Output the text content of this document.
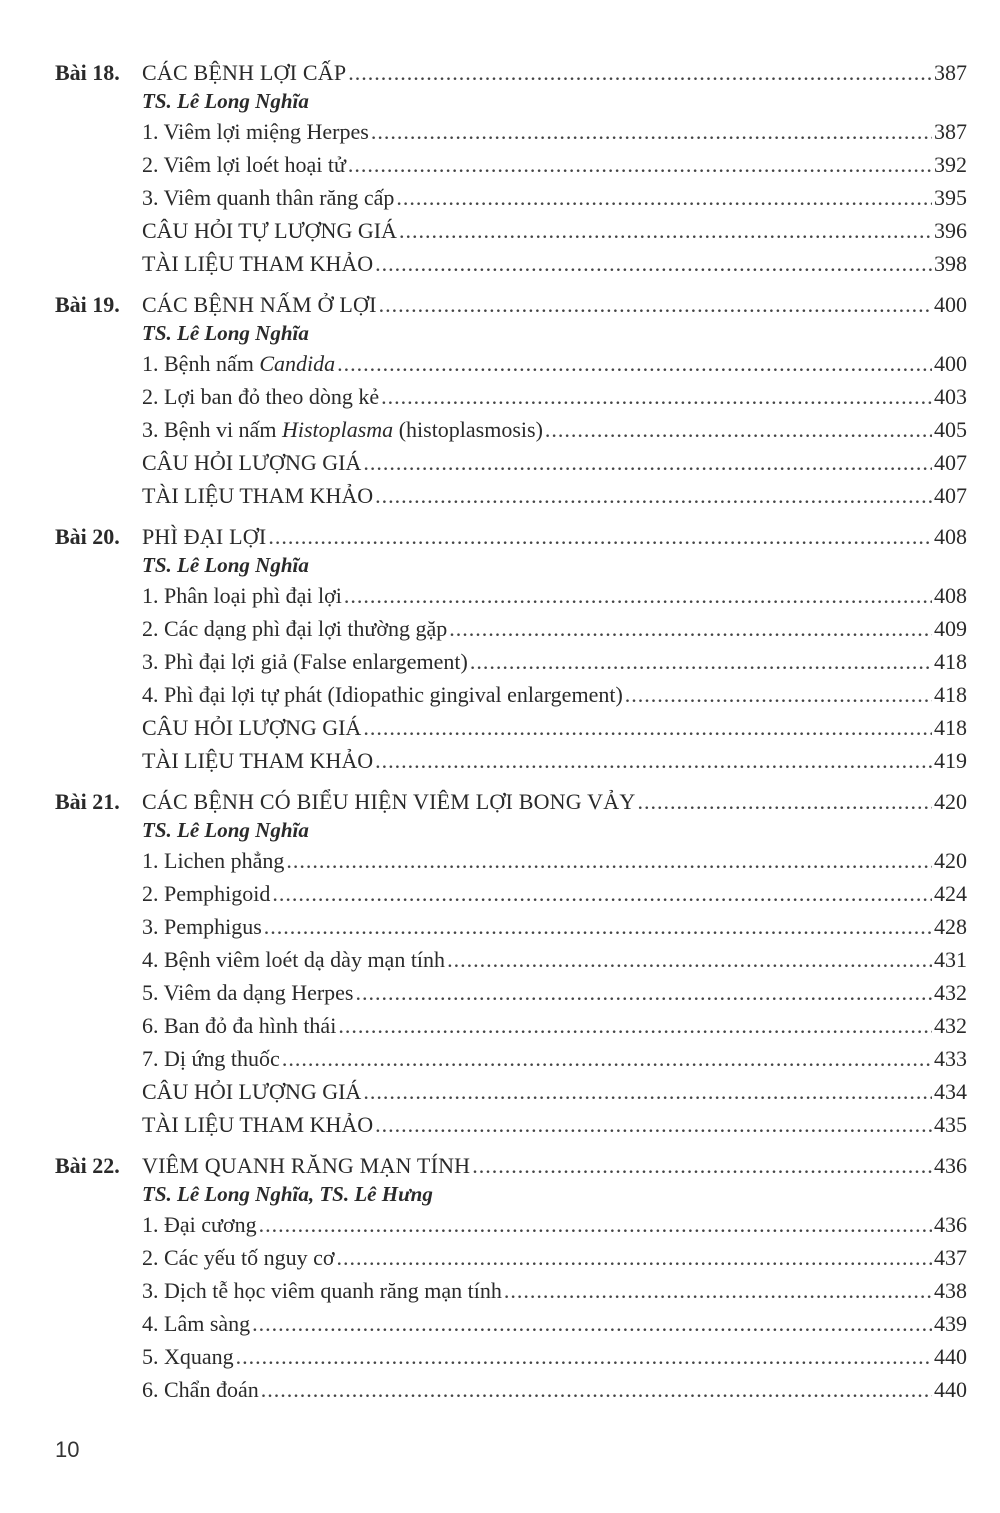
Bài 18.	CÁC BỆNH LỢI CẤP .....	387
TS. Lê Long Nghĩa
1. Viêm lợi miệng Herpes .....	387
2. Viêm lợi loét hoại tử .....	392
3. Viêm quanh thân răng cấp .....	395
CÂU HỎI TỰ LƯỢNG GIÁ .....	396
TÀI LIỆU THAM KHẢO .....	398
Bài 19.	CÁC BỆNH NẤM Ở LỢI .....	400
TS. Lê Long Nghĩa
1. Bệnh nấm Candida .....	400
2. Lợi ban đỏ theo dòng kẻ .....	403
3. Bệnh vi nấm Histoplasma (histoplasmosis) .....	405
CÂU HỎI LƯỢNG GIÁ .....	407
TÀI LIỆU THAM KHẢO .....	407
Bài 20.	PHÌ ĐẠI LỢI .....	408
TS. Lê Long Nghĩa
1. Phân loại phì đại lợi .....	408
2. Các dạng phì đại lợi thường gặp .....	409
3. Phì đại lợi giả (False enlargement) .....	418
4. Phì đại lợi tự phát (Idiopathic gingival enlargement) .....	418
CÂU HỎI LƯỢNG GIÁ .....	418
TÀI LIỆU THAM KHẢO .....	419
Bài 21.	CÁC BỆNH CÓ BIỂU HIỆN VIÊM LỢI BONG VẢY .....	420
TS. Lê Long Nghĩa
1. Lichen phẳng .....	420
2. Pemphigoid .....	424
3. Pemphigus .....	428
4. Bệnh viêm loét dạ dày mạn tính .....	431
5. Viêm da dạng Herpes .....	432
6. Ban đỏ đa hình thái .....	432
7. Dị ứng thuốc .....	433
CÂU HỎI LƯỢNG GIÁ .....	434
TÀI LIỆU THAM KHẢO .....	435
Bài 22.	VIÊM QUANH RĂNG MẠN TÍNH .....	436
TS. Lê Long Nghĩa, TS. Lê Hưng
1. Đại cương .....	436
2. Các yếu tố nguy cơ .....	437
3. Dịch tễ học viêm quanh răng mạn tính .....	438
4. Lâm sàng .....	439
5. Xquang .....	440
6. Chẩn đoán .....	440
10
